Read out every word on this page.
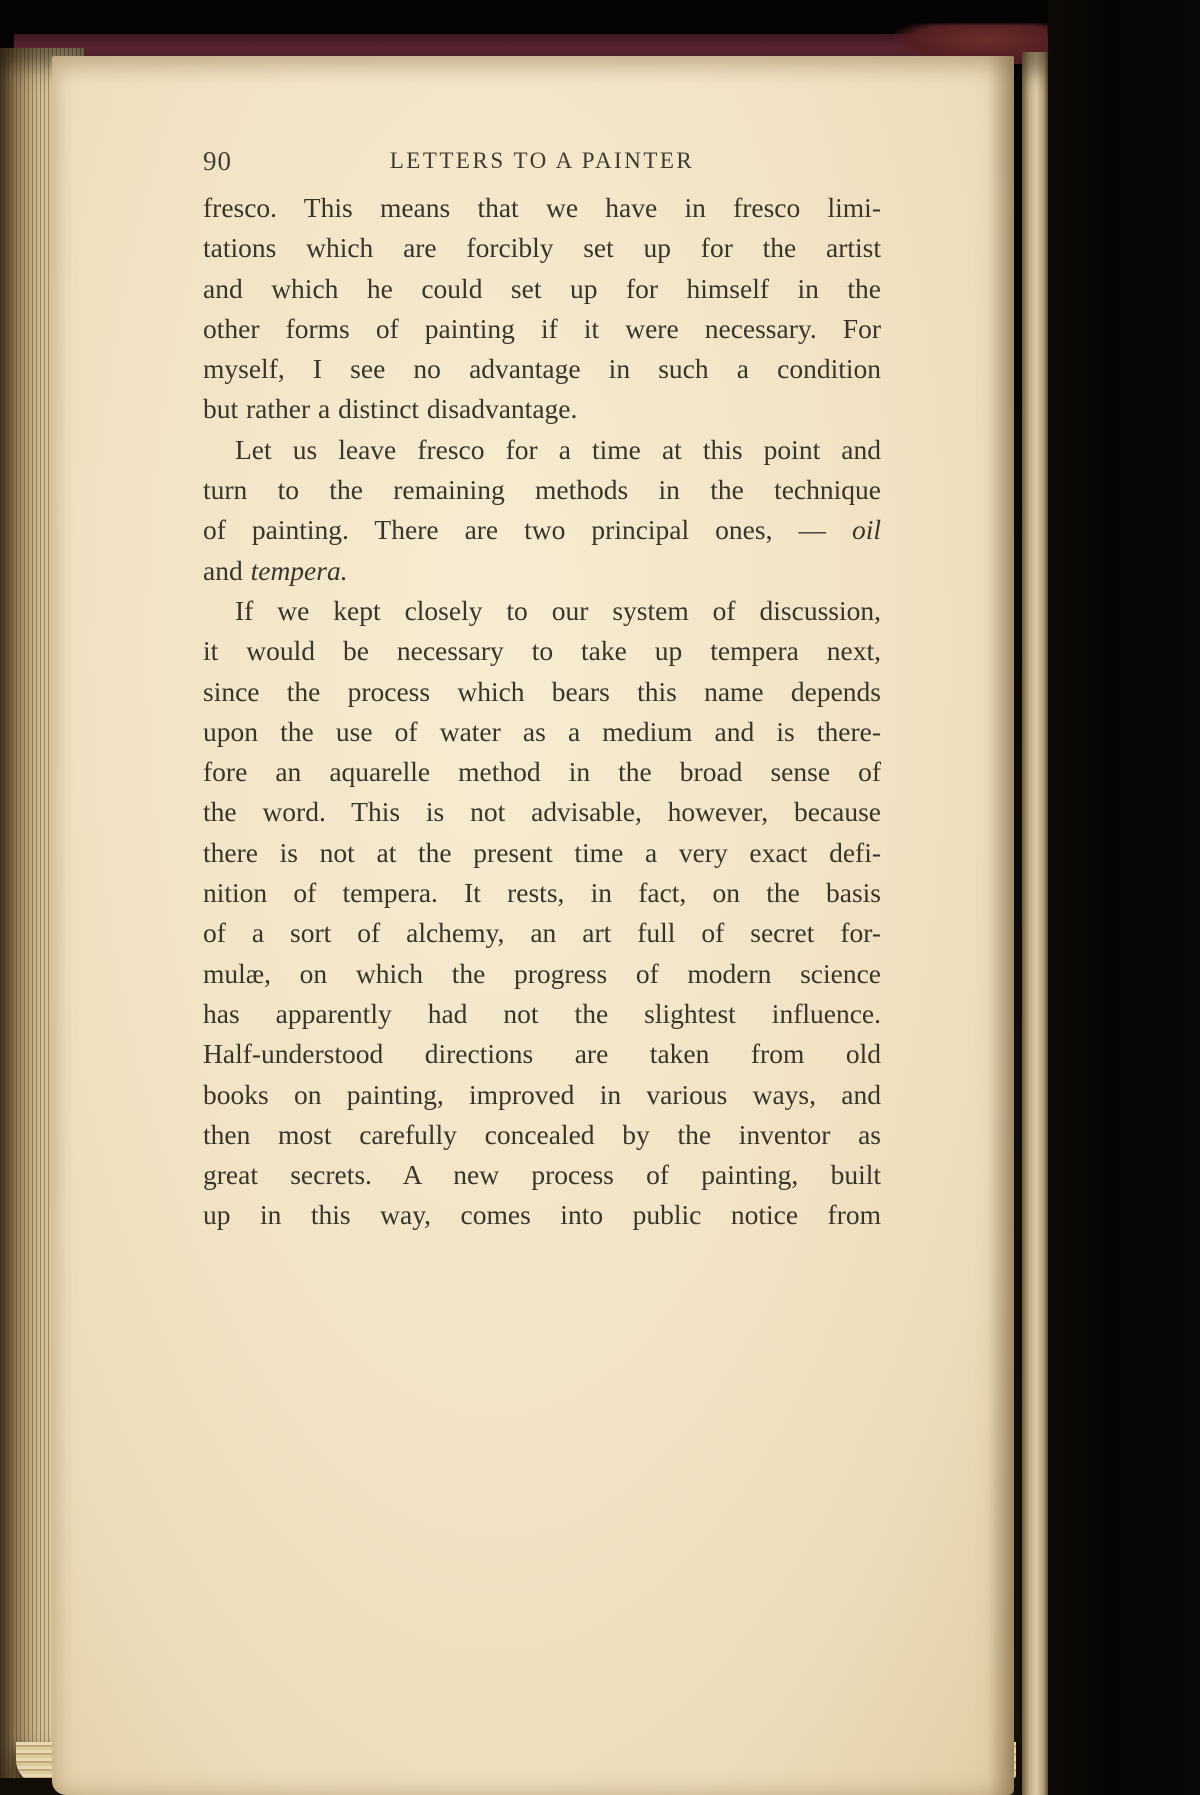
90	LETTERS TO A PAINTER
fresco. This means that we have in fresco limi-
tations which are forcibly set up for the artist
and which he could set up for himself in the
other forms of painting if it were necessary. For
myself, I see no advantage in such a condition
but rather a distinct disadvantage.
Let us leave fresco for a time at this point and
turn to the remaining methods in the technique
of painting. There are two principal ones, — oil
and tempera.
If we kept closely to our system of discussion,
it would be necessary to take up tempera next,
since the process which bears this name depends
upon the use of water as a medium and is there-
fore an aquarelle method in the broad sense of
the word. This is not advisable, however, because
there is not at the present time a very exact defi-
nition of tempera. It rests, in fact, on the basis
of a sort of alchemy, an art full of secret for-
mulæ, on which the progress of modern science
has apparently had not the slightest influence.
Half-understood directions are taken from old
books on painting, improved in various ways, and
then most carefully concealed by the inventor as
great secrets. A new process of painting, built
up in this way, comes into public notice from
